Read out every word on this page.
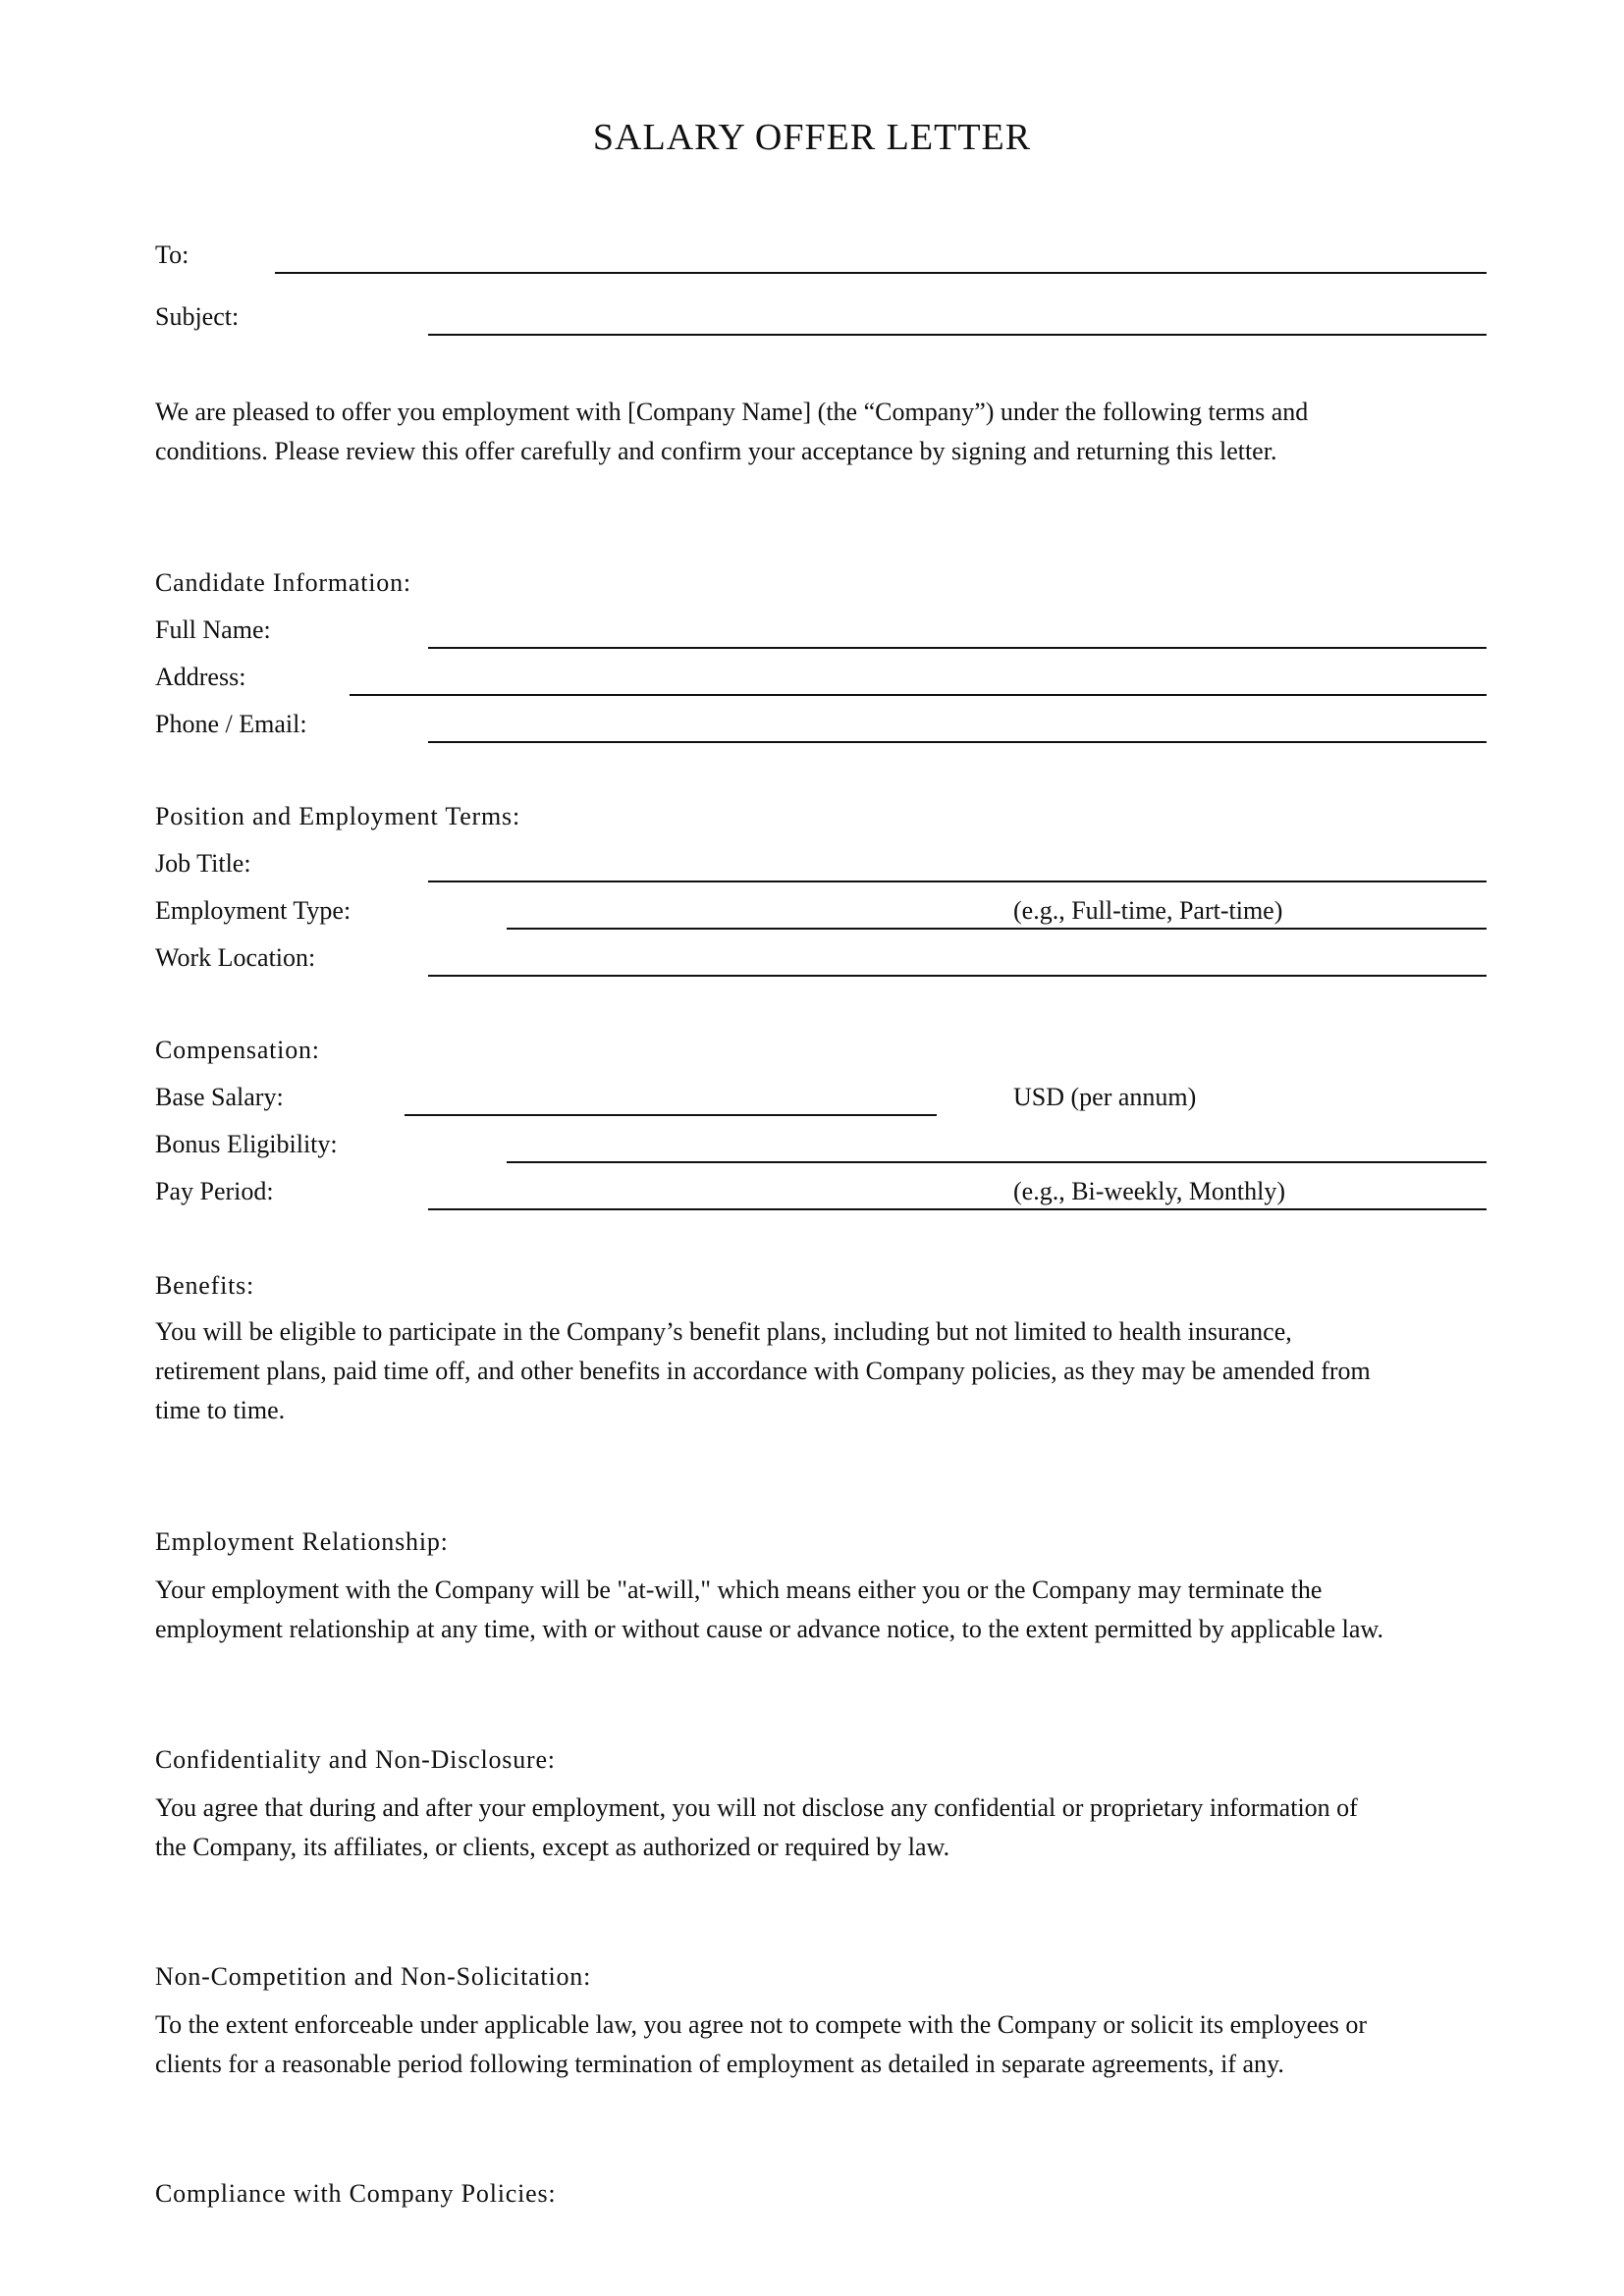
SALARY OFFER LETTER
To:
Subject:
We are pleased to offer you employment with [Company Name] (the “Company”) under the following terms and
conditions. Please review this offer carefully and confirm your acceptance by signing and returning this letter.
Candidate Information:
Full Name:
Address:
Phone / Email:
Position and Employment Terms:
Job Title:
Employment Type:	(e.g., Full-time, Part-time)
Work Location:
Compensation:
Base Salary:	USD (per annum)
Bonus Eligibility:
Pay Period:	(e.g., Bi-weekly, Monthly)
Benefits:
You will be eligible to participate in the Company’s benefit plans, including but not limited to health insurance,
retirement plans, paid time off, and other benefits in accordance with Company policies, as they may be amended from
time to time.
Employment Relationship:
Your employment with the Company will be "at-will," which means either you or the Company may terminate the
employment relationship at any time, with or without cause or advance notice, to the extent permitted by applicable law.
Confidentiality and Non-Disclosure:
You agree that during and after your employment, you will not disclose any confidential or proprietary information of
the Company, its affiliates, or clients, except as authorized or required by law.
Non-Competition and Non-Solicitation:
To the extent enforceable under applicable law, you agree not to compete with the Company or solicit its employees or
clients for a reasonable period following termination of employment as detailed in separate agreements, if any.
Compliance with Company Policies:
